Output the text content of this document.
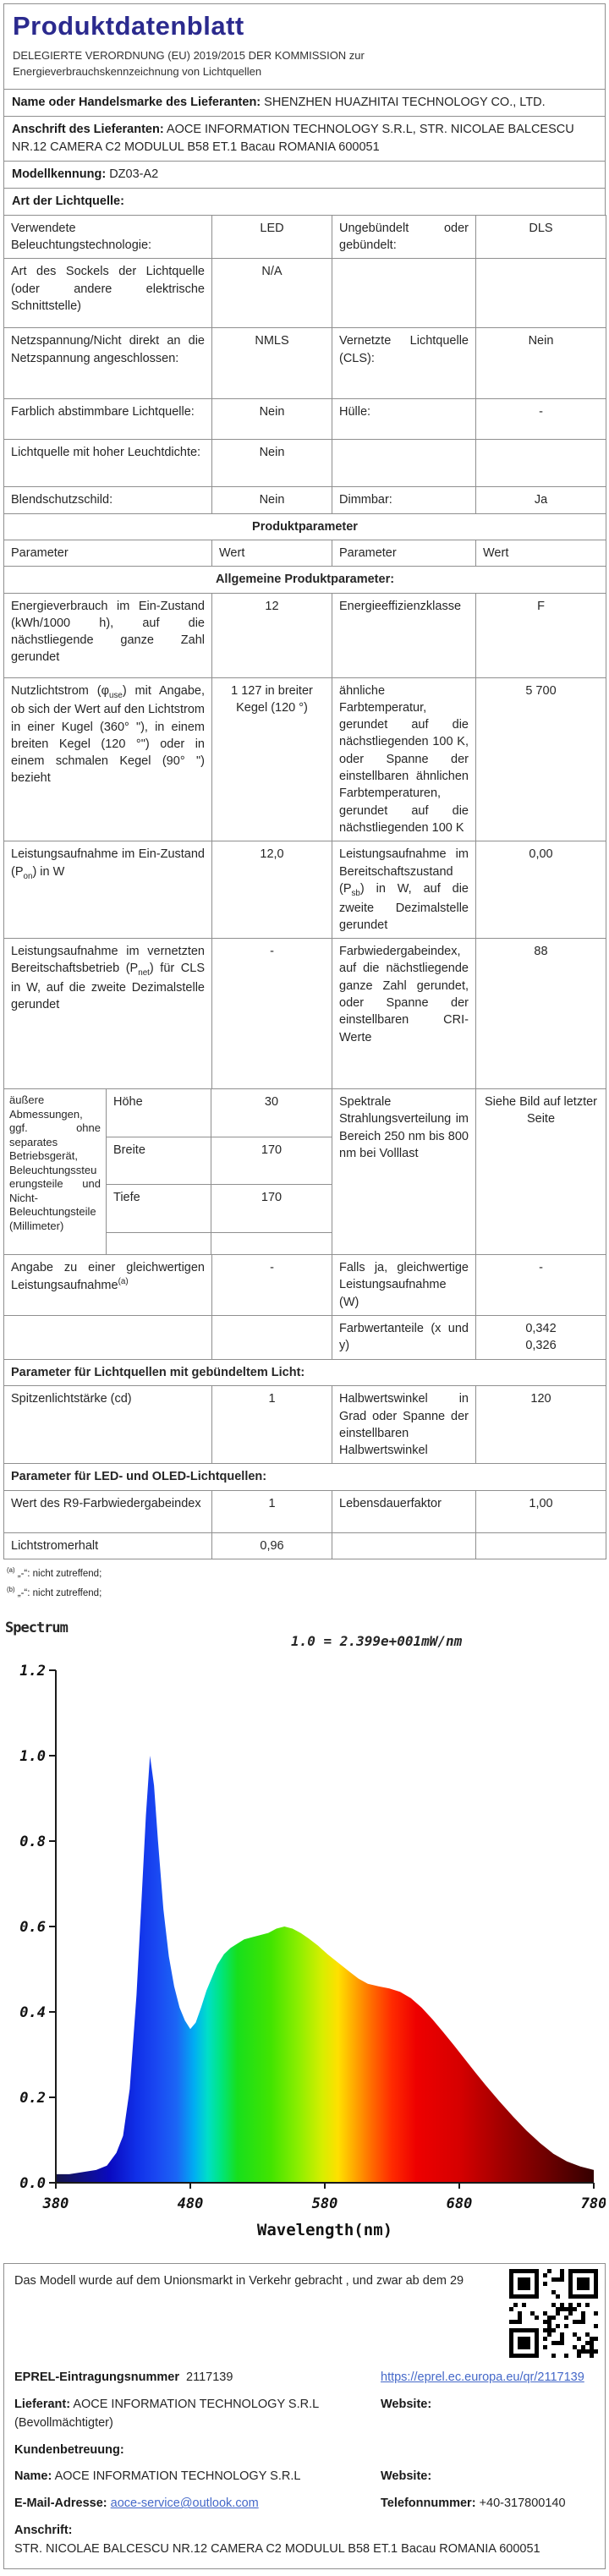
Produktdatenblatt
DELEGIERTE VERORDNUNG (EU) 2019/2015 DER KOMMISSION zur
Energieverbrauchskennzeichnung von Lichtquellen
Name oder Handelsmarke des Lieferanten: SHENZHEN HUAZHITAI TECHNOLOGY CO., LTD.
Anschrift des Lieferanten: AOCE INFORMATION TECHNOLOGY S.R.L, STR. NICOLAE BALCESCU NR.12 CAMERA C2 MODULUL B58 ET.1 Bacau ROMANIA 600051
Modellkennung: DZ03-A2
Art der Lichtquelle:
Verwendete Beleuchtungstechnologie:	LED	Ungebündelt oder gebündelt:	DLS
Art des Sockels der Lichtquelle (oder andere elektrische Schnittstelle)	N/A		
Netzspannung/Nicht direkt an die Netzspannung angeschlossen:	NMLS	Vernetzte Lichtquelle (CLS):	Nein
Farblich abstimmbare Lichtquelle:	Nein	Hülle:	-
Lichtquelle mit hoher Leuchtdichte:	Nein		
Blendschutzschild:	Nein	Dimmbar:	Ja
Produktparameter			
Parameter	Wert	Parameter	Wert
Allgemeine Produktparameter:			
Energieverbrauch im Ein-Zustand (kWh/1000 h), auf die nächstliegende ganze Zahl gerundet	12	Energieeffizienzklasse	F
Nutzlichtstrom $(\varphi_{use})$ mit Angabe, ob sich der Wert auf den Lichtstrom in einer Kugel (360° "), in einem breiten Kegel (120 °") oder in einem schmalen Kegel (90° ") bezieht	1 127 in breiter Kegel (120 °)	ähnliche Farbtemperatur, gerundet auf die nächstliegenden 100 K, oder Spanne der einstellbaren ähnlichen Farbtemperaturen, gerundet auf die nächstliegenden 100 K	5 700
Leistungsaufnahme im Ein-Zustand $(P_{on})$ in W	12,0	Leistungsaufnahme im Bereitschaftszustand $(P_{sb})$ in W, auf die zweite Dezimalstelle gerundet	0,00
Leistungsaufnahme im vernetzten Bereitschaftsbetrieb $(P_{net})$ für CLS in W, auf die zweite Dezimalstelle gerundet	-	Farbwiedergabeindex, auf die nächstliegende ganze Zahl gerundet, oder Spanne der einstellbaren CRI-Werte	88

äußere Abmessungen, ggf. ohne separates Betriebsgerät, Beleuchtungssteuerungsteile und Nicht-Beleuchtungsteile (Millimeter)
Höhe	30
Breite	170
Tiefe	170
	Spektrale Strahlungsverteilung im Bereich 250 nm bis 800 nm bei Volllast	Siehe Bild auf letzter Seite
Angabe zu einer gleichwertigen Leistungsaufnahme$^{(a)}$	-	Falls ja, gleichwertige Leistungsaufnahme (W)	-
		Farbwertanteile (x und y)	0,342
0,326

Parameter für Lichtquellen mit gebündeltem Licht:			
Spitzenlichtstärke (cd)	1	Halbwertswinkel in Grad oder Spanne der einstellbaren Halbwertswinkel	120
Parameter für LED- und OLED-Lichtquellen:			
Wert des R9-Farbwiedergabeindex	1	Lebensdauerfaktor	1,00
Lichtstromerhalt	0,96		
$^{(a)}$ „-“: nicht zutreffend;
$^{(b)}$ „-“: nicht zutreffend;
Spectrum
1.0 = 2.399e+001mW/nm
0.0
0.2
0.4
0.6
0.8
1.0
1.2
380	480	580	680	780
Wavelength(nm)
Das Modell wurde auf dem Unionsmarkt in Verkehr gebracht , und zwar ab dem 29
EPREL-Eintragungsnummer 2117139	https://eprel.ec.europa.eu/qr/2117139
Lieferant: AOCE INFORMATION TECHNOLOGY S.R.L (Bevollmächtigter)
Website:
Kundenbetreuung:
Name: AOCE INFORMATION TECHNOLOGY S.R.L	Website:
E-Mail-Adresse: aoce-service@outlook.com	Telefonnummer: +40-317800140
Anschrift:
STR. NICOLAE BALCESCU NR.12 CAMERA C2 MODULUL B58 ET.1 Bacau ROMANIA 600051
